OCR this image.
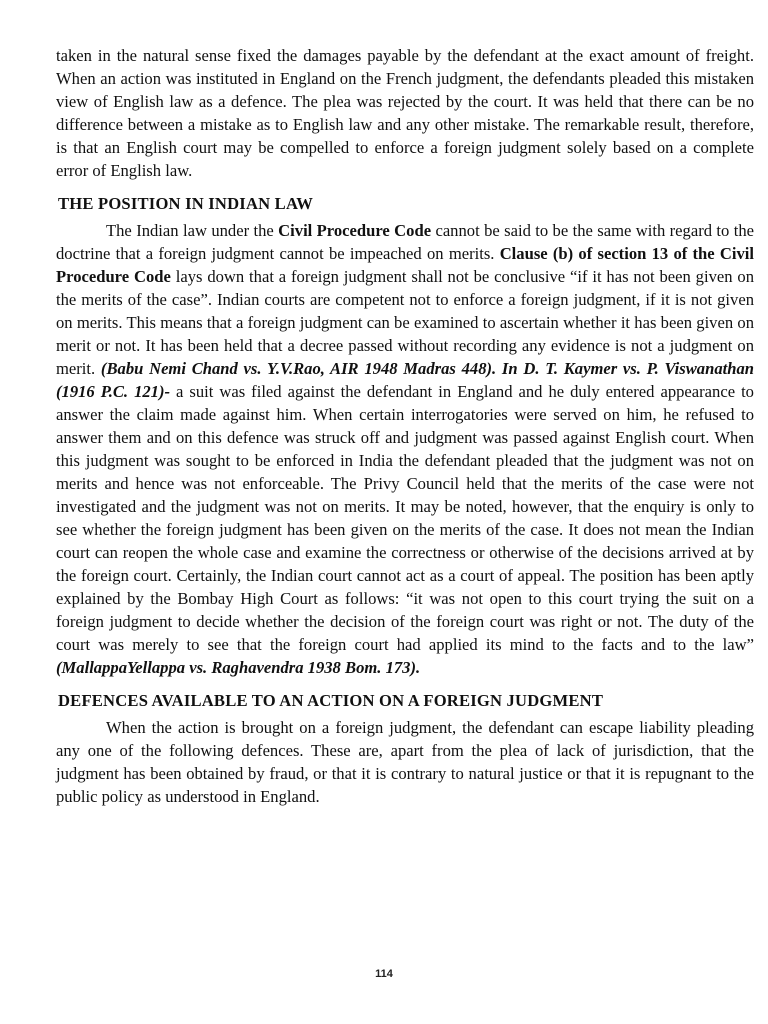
taken in the natural sense fixed the damages payable by the defendant at the exact amount of freight. When an action was instituted in England on the French judgment, the defendants pleaded this mistaken view of English law as a defence. The plea was rejected by the court. It was held that there can be no difference between a mistake as to English law and any other mistake. The remarkable result, therefore, is that an English court may be compelled to enforce a foreign judgment solely based on a complete error of English law.

THE POSITION IN INDIAN LAW

The Indian law under the Civil Procedure Code cannot be said to be the same with regard to the doctrine that a foreign judgment cannot be impeached on merits. Clause (b) of section 13 of the Civil Procedure Code lays down that a foreign judgment shall not be conclusive “if it has not been given on the merits of the case”. Indian courts are competent not to enforce a foreign judgment, if it is not given on merits. This means that a foreign judgment can be examined to ascertain whether it has been given on merit or not. It has been held that a decree passed without recording any evidence is not a judgment on merit. (Babu Nemi Chand vs. Y.V.Rao, AIR 1948 Madras 448). In D. T. Kaymer vs. P. Viswanathan (1916 P.C. 121)- a suit was filed against the defendant in England and he duly entered appearance to answer the claim made against him. When certain interrogatories were served on him, he refused to answer them and on this defence was struck off and judgment was passed against English court. When this judgment was sought to be enforced in India the defendant pleaded that the judgment was not on merits and hence was not enforceable. The Privy Council held that the merits of the case were not investigated and the judgment was not on merits. It may be noted, however, that the enquiry is only to see whether the foreign judgment has been given on the merits of the case. It does not mean the Indian court can reopen the whole case and examine the correctness or otherwise of the decisions arrived at by the foreign court. Certainly, the Indian court cannot act as a court of appeal. The position has been aptly explained by the Bombay High Court as follows: “it was not open to this court trying the suit on a foreign judgment to decide whether the decision of the foreign court was right or not. The duty of the court was merely to see that the foreign court had applied its mind to the facts and to the law” (MallappaYellappa vs. Raghavendra 1938 Bom. 173).

DEFENCES AVAILABLE TO AN ACTION ON A FOREIGN JUDGMENT

When the action is brought on a foreign judgment, the defendant can escape liability pleading any one of the following defences. These are, apart from the plea of lack of jurisdiction, that the judgment has been obtained by fraud, or that it is contrary to natural justice or that it is repugnant to the public policy as understood in England.

114
